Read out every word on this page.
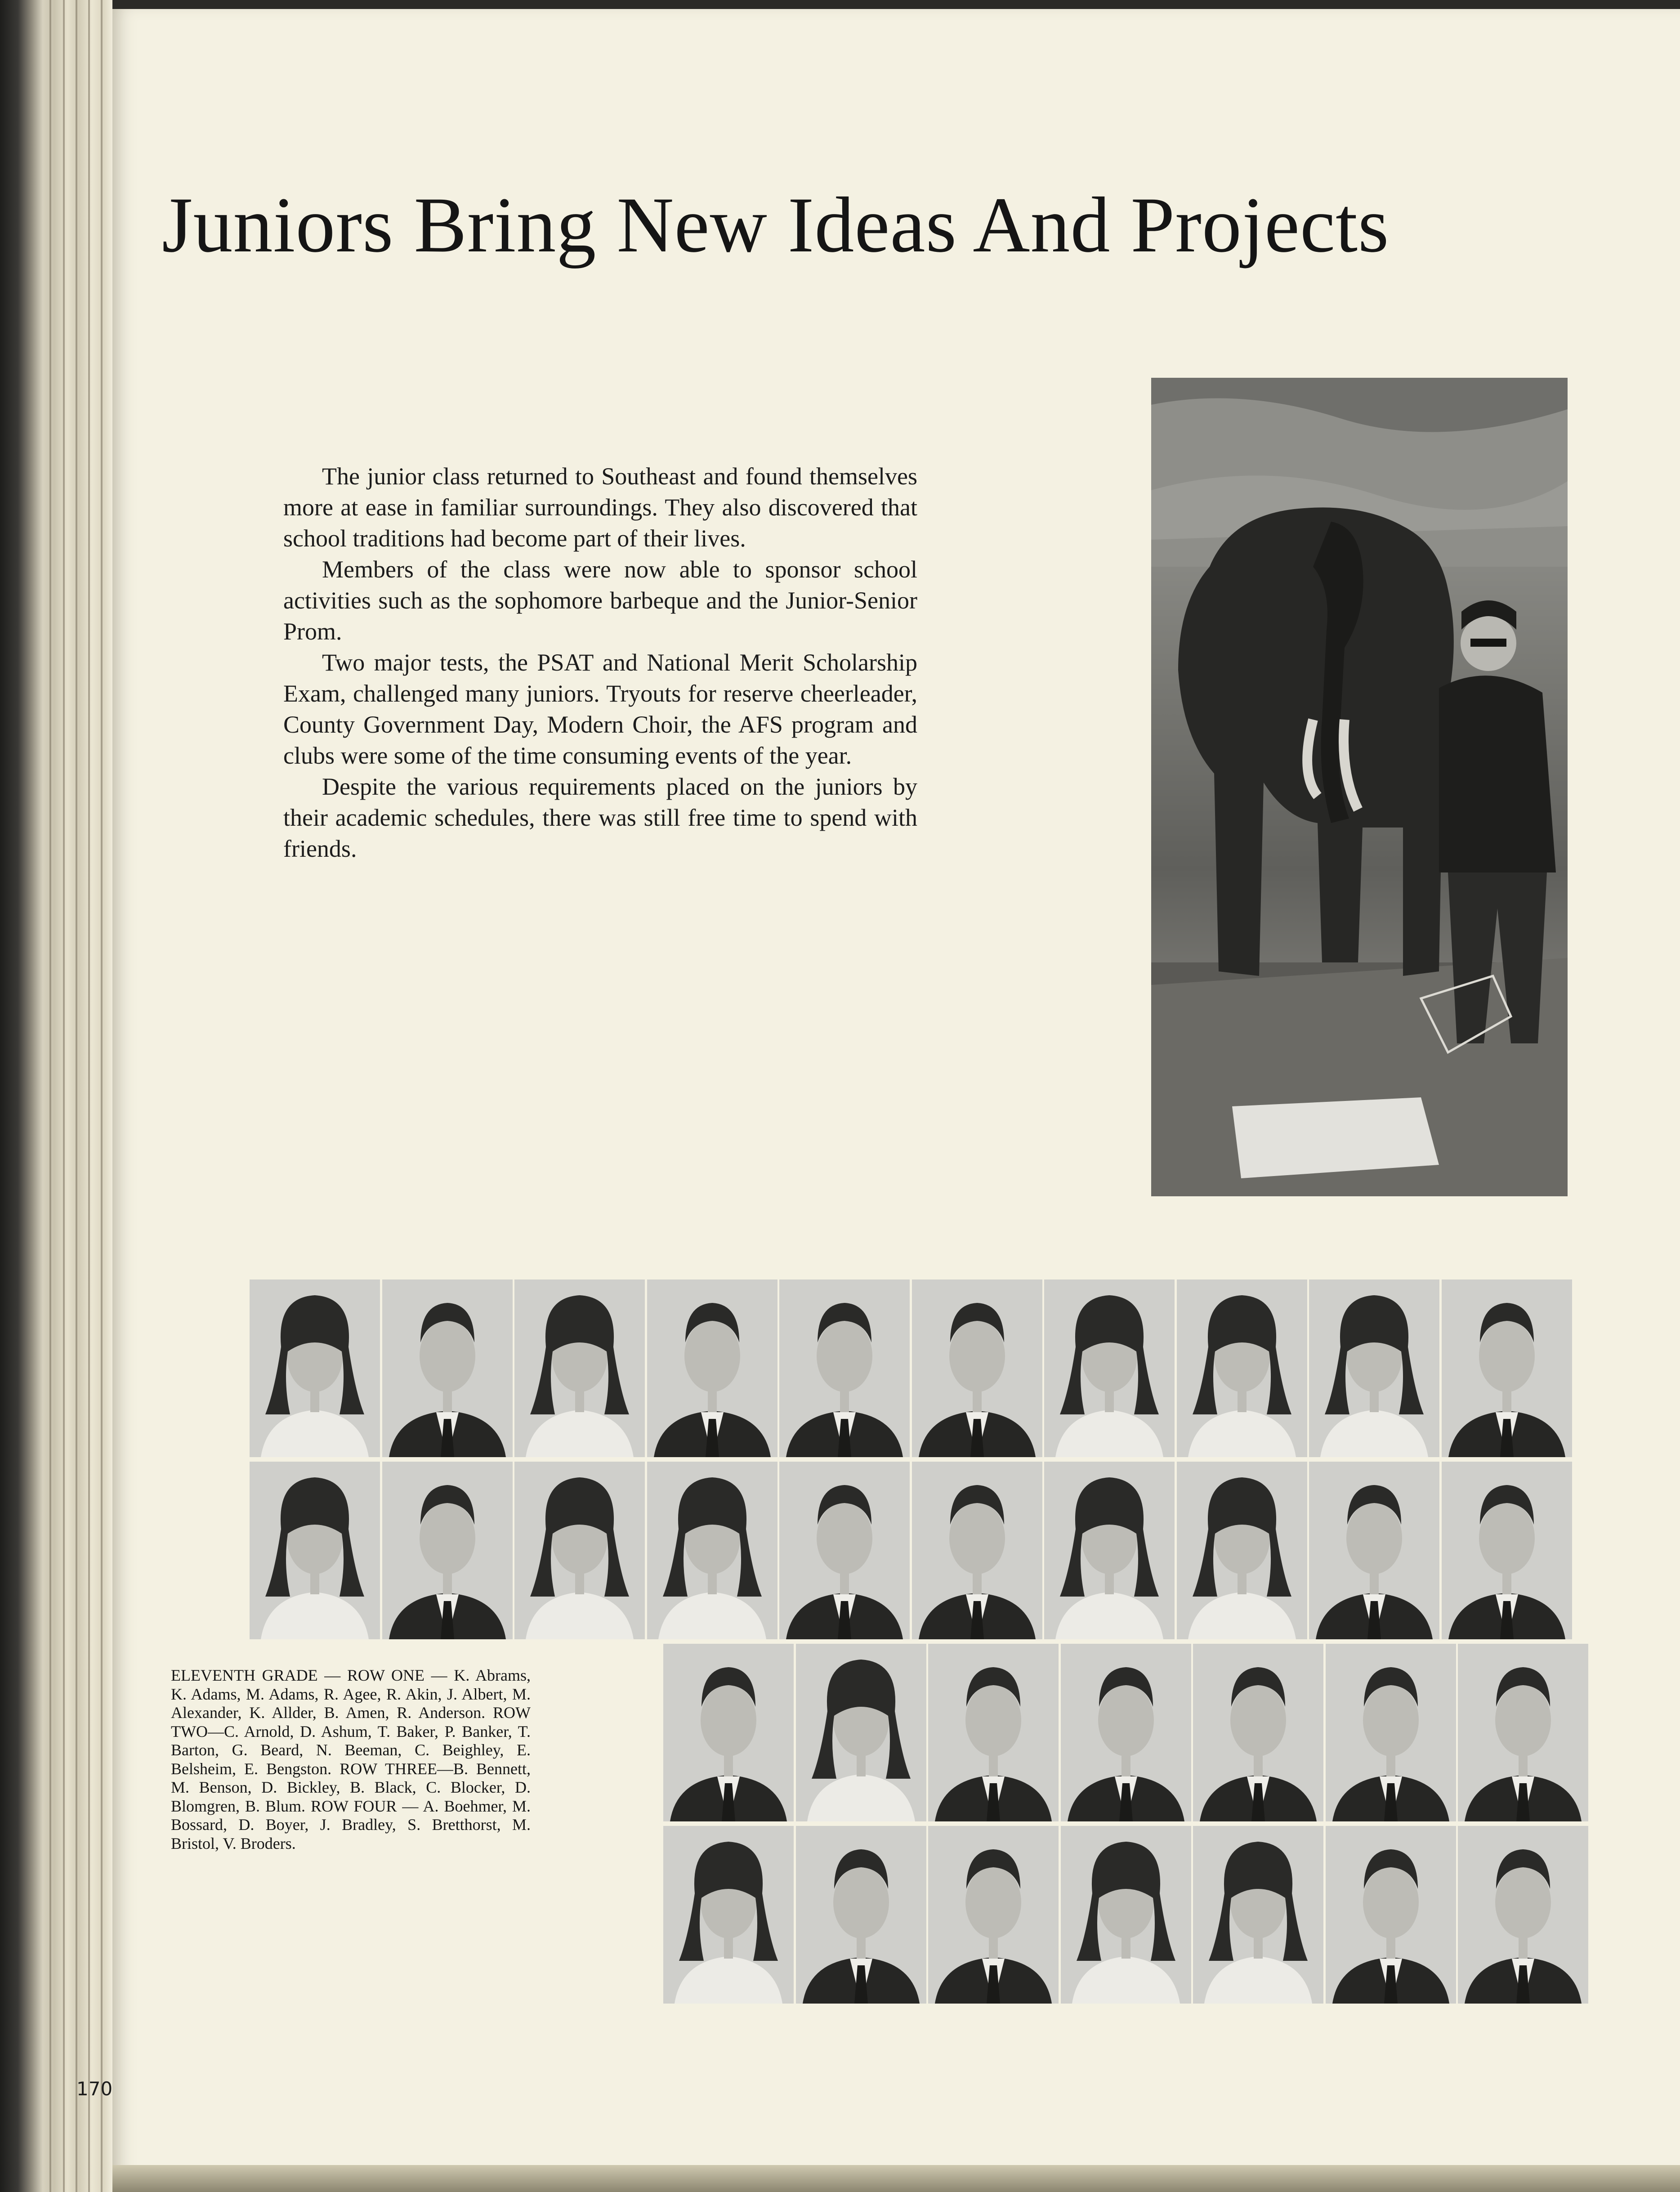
Juniors Bring New Ideas And Projects

The junior class returned to Southeast and found themselves more at ease in familiar surroundings. They also discovered that school traditions had become part of their lives.

Members of the class were now able to sponsor school activities such as the sophomore barbeque and the Junior-Senior Prom.

Two major tests, the PSAT and National Merit Scholarship Exam, challenged many juniors. Tryouts for reserve cheerleader, County Government Day, Modern Choir, the AFS program and clubs were some of the time consuming events of the year.

Despite the various requirements placed on the juniors by their academic schedules, there was still free time to spend with friends.

ELEVENTH GRADE — ROW ONE — K. Abrams, K. Adams, M. Adams, R. Agee, R. Akin, J. Albert, M. Alexander, K. Allder, B. Amen, R. Anderson. ROW TWO—C. Arnold, D. Ashum, T. Baker, P. Banker, T. Barton, G. Beard, N. Beeman, C. Beighley, E. Belsheim, E. Bengston. ROW THREE—B. Bennett, M. Benson, D. Bickley, B. Black, C. Blocker, D. Blomgren, B. Blum. ROW FOUR — A. Boehmer, M. Bossard, D. Boyer, J. Bradley, S. Bretthorst, M. Bristol, V. Broders.
170
